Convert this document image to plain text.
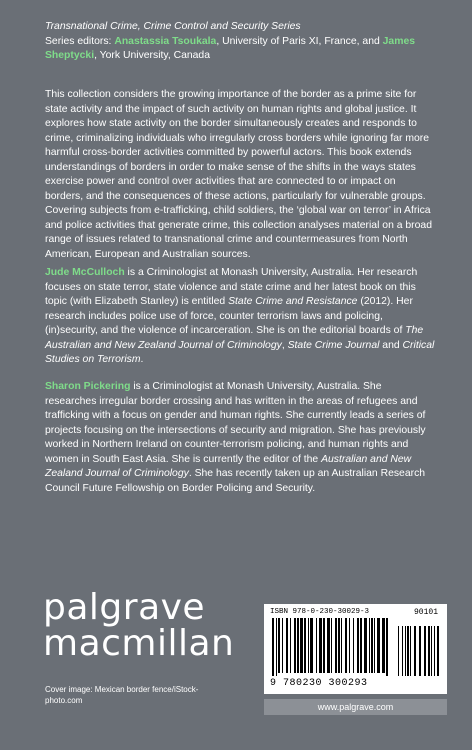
Transnational Crime, Crime Control and Security Series
Series editors: Anastassia Tsoukala, University of Paris XI, France, and James Sheptycki, York University, Canada
This collection considers the growing importance of the border as a prime site for state activity and the impact of such activity on human rights and global justice. It explores how state activity on the border simultaneously creates and responds to crime, criminalizing individuals who irregularly cross borders while ignoring far more harmful cross-border activities committed by powerful actors. This book extends understandings of borders in order to make sense of the shifts in the ways states exercise power and control over activities that are connected to or impact on borders, and the consequences of these actions, particularly for vulnerable groups. Covering subjects from e-trafficking, child soldiers, the ‘global war on terror’ in Africa and police activities that generate crime, this collection analyses material on a broad range of issues related to transnational crime and countermeasures from North American, European and Australian sources.
Jude McCulloch is a Criminologist at Monash University, Australia. Her research focuses on state terror, state violence and state crime and her latest book on this topic (with Elizabeth Stanley) is entitled State Crime and Resistance (2012). Her research includes police use of force, counter terrorism laws and policing, (in)security, and the violence of incarceration. She is on the editorial boards of The Australian and New Zealand Journal of Criminology, State Crime Journal and Critical Studies on Terrorism.
Sharon Pickering is a Criminologist at Monash University, Australia. She researches irregular border crossing and has written in the areas of refugees and trafficking with a focus on gender and human rights. She currently leads a series of projects focusing on the intersections of security and migration. She has previously worked in Northern Ireland on counter-terrorism policing, and human rights and women in South East Asia. She is currently the editor of the Australian and New Zealand Journal of Criminology. She has recently taken up an Australian Research Council Future Fellowship on Border Policing and Security.
palgrave
macmillan
Cover image: Mexican border fence/iStock-photo.com
ISBN 978-0-230-30029-3	90101
9 780230 300293
www.palgrave.com
